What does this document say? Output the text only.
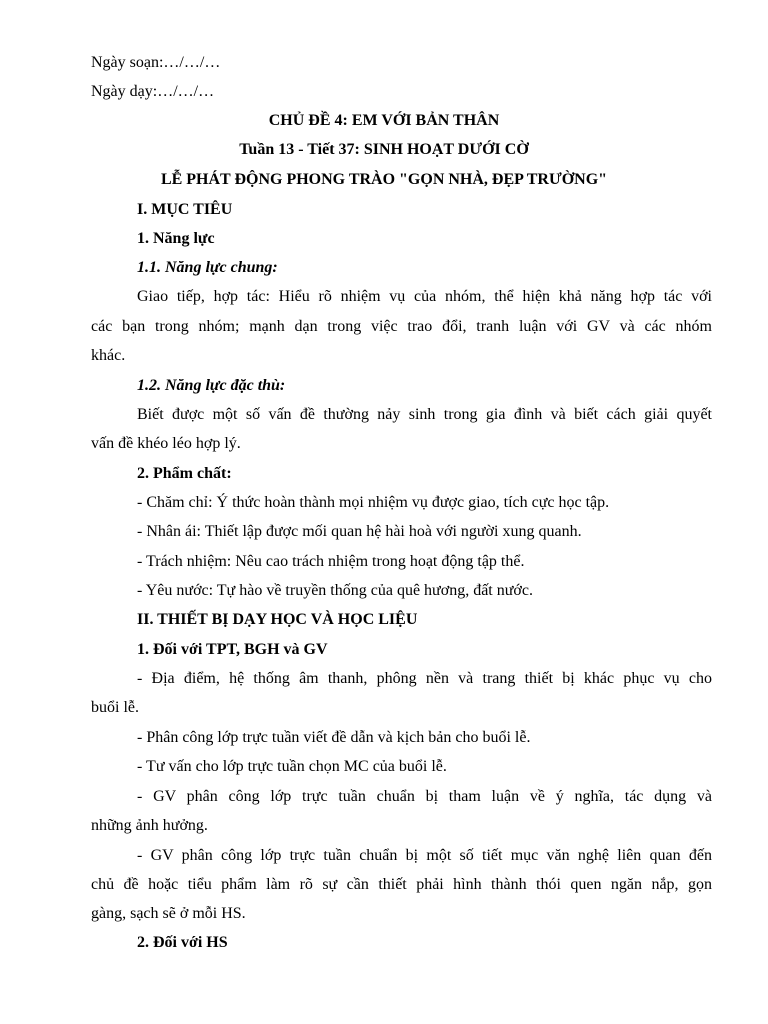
Ngày soạn:…/…/…
Ngày dạy:…/…/…
CHỦ ĐỀ 4: EM VỚI BẢN THÂN
Tuần 13 - Tiết 37: SINH HOẠT DƯỚI CỜ
LỄ PHÁT ĐỘNG PHONG TRÀO "GỌN NHÀ, ĐẸP TRƯỜNG"
I. MỤC TIÊU
1. Năng lực
1.1. Năng lực chung:
Giao tiếp, hợp tác: Hiểu rõ nhiệm vụ của nhóm, thể hiện khả năng hợp tác với
các bạn trong nhóm; mạnh dạn trong việc trao đổi, tranh luận với GV và các nhóm
khác.
1.2. Năng lực đặc thù:
Biết được một số vấn đề thường nảy sinh trong gia đình và biết cách giải quyết
vấn đề khéo léo hợp lý.
2. Phẩm chất:
- Chăm chỉ: Ý thức hoàn thành mọi nhiệm vụ được giao, tích cực học tập.
- Nhân ái: Thiết lập được mối quan hệ hài hoà với người xung quanh.
- Trách nhiệm: Nêu cao trách nhiệm trong hoạt động tập thể.
- Yêu nước: Tự hào về truyền thống của quê hương, đất nước.
II. THIẾT BỊ DẠY HỌC VÀ HỌC LIỆU
1. Đối với TPT, BGH và GV
- Địa điểm, hệ thống âm thanh, phông nền và trang thiết bị khác phục vụ cho
buổi lễ.
- Phân công lớp trực tuần viết đề dẫn và kịch bản cho buổi lễ.
- Tư vấn cho lớp trực tuần chọn MC của buổi lễ.
- GV phân công lớp trực tuần chuẩn bị tham luận về ý nghĩa, tác dụng và
những ảnh hưởng.
- GV phân công lớp trực tuần chuẩn bị một số tiết mục văn nghệ liên quan đến
chủ đề hoặc tiểu phẩm làm rõ sự cần thiết phải hình thành thói quen ngăn nắp, gọn
gàng, sạch sẽ ở mỗi HS.
2. Đối với HS
